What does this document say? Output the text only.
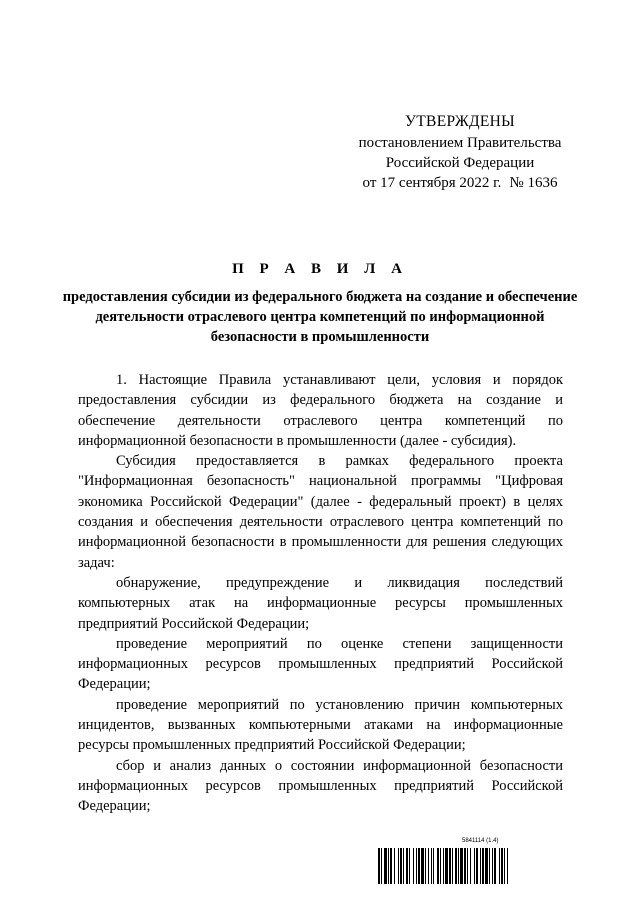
УТВЕРЖДЕНЫ
постановлением Правительства
Российской Федерации
от 17 сентября 2022 г. № 1636
П Р А В И Л А
предоставления субсидии из федерального бюджета на создание и обеспечение деятельности отраслевого центра компетенций по информационной безопасности в промышленности

1. Настоящие Правила устанавливают цели, условия и порядок предоставления субсидии из федерального бюджета на создание и обеспечение деятельности отраслевого центра компетенций по информационной безопасности в промышленности (далее - субсидия).

Субсидия предоставляется в рамках федерального проекта "Информационная безопасность" национальной программы "Цифровая экономика Российской Федерации" (далее - федеральный проект) в целях создания и обеспечения деятельности отраслевого центра компетенций по информационной безопасности в промышленности для решения следующих задач:

обнаружение, предупреждение и ликвидация последствий компьютерных атак на информационные ресурсы промышленных предприятий Российской Федерации;

проведение мероприятий по оценке степени защищенности информационных ресурсов промышленных предприятий Российской Федерации;

проведение мероприятий по установлению причин компьютерных инцидентов, вызванных компьютерными атаками на информационные ресурсы промышленных предприятий Российской Федерации;

сбор и анализ данных о состоянии информационной безопасности информационных ресурсов промышленных предприятий Российской Федерации;

5841114 (1.4)
